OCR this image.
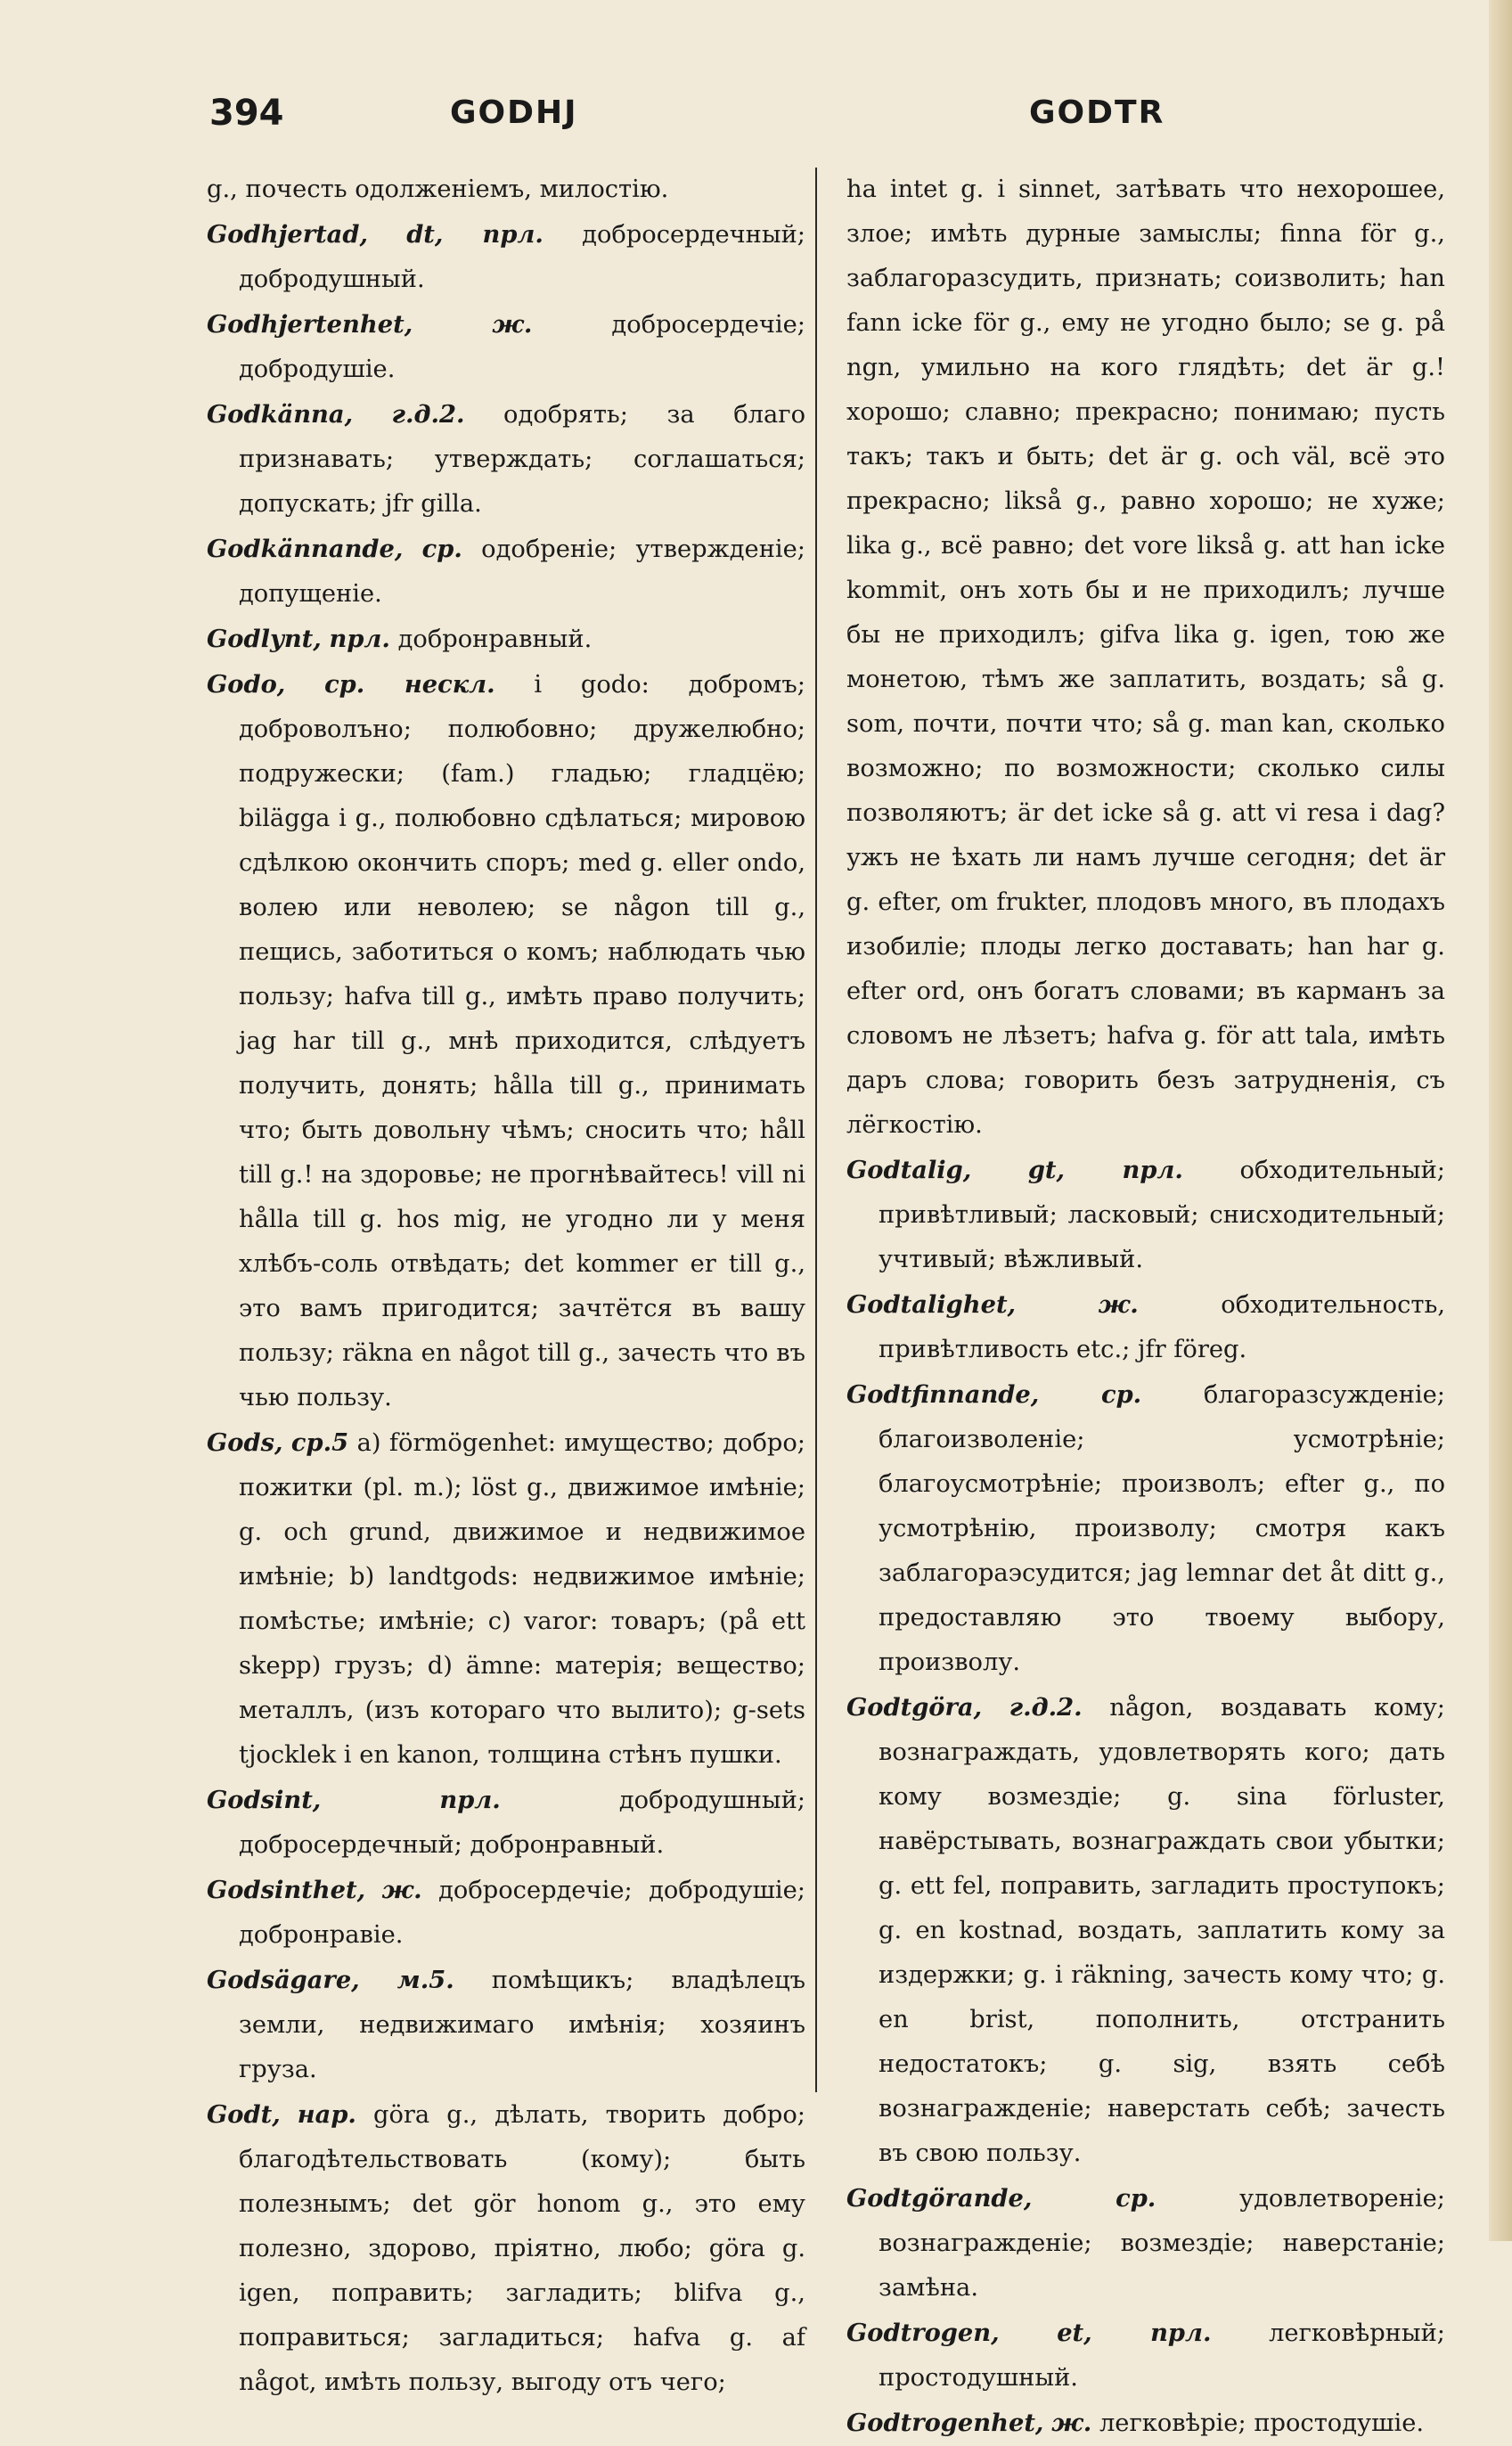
394	GODHJ	GODTR

g., почесть одолженіемъ, милостію.

Godhjertad, dt, прл. добросердечный; добродушный.

Godhjertenhet,	ж.	добросердечіе; добродушіе.

Godkänna, г.д.2. одобрять; за благо признавать; утверждать; соглашаться; допускать; jfr gilla.

Godkännande, ср. одобреніе; утвержденіе; допущеніе.

Godlynt, прл. добронравный.

Godo, ср. нескл. i godo: добромъ; доброволъно; полюбовно; дружелюбно; подружески; (fam.) гладью; гладцёю; bilägga i g., полюбовно сдѣлаться; мировою сдѣлкою окончить споръ; med g. eller ondo, волею или неволею; se någon till g., пещись, заботиться о комъ; наблюдать чью пользу; hafva till g., имѣть право получить; jag har till g., мнѣ приходится, слѣдуетъ получить, донять; hålla till g., принимать что; быть довольну чѣмъ; сносить что; håll till g.! на здоровье; не прогнѣвайтесь! vill ni hålla till g. hos mig, не угодно ли у меня хлѣбъ-соль отвѣдать; det kommer er till g., это вамъ пригодится; зачтётся въ вашу пользу; räkna en något till g., зачесть что въ чью пользу.

Gods, ср.5 a) förmögenhet: имущество; добро; пожитки (pl. m.); löst g., движимое имѣніе; g. och grund, движимое и недвижимое имѣніе; b) landtgods: недвижимое имѣніе; помѣстье; имѣніе; c) varor: товаръ; (på ett skepp) грузъ; d) ämne: матерія; вещество; металлъ, (изъ котораго что вылито); g-sets tjocklek i en kanon, толщина стѣнъ пушки.

Godsint,	прл.	добродушный; добросердечный; добронравный.

Godsinthet, ж. добросердечіе; добродушіе; добронравіе.

Godsägare, м.5. помѣщикъ; владѣлецъ земли, недвижимаго имѣнія; хозяинъ груза.

Godt, нар. göra g., дѣлать, творить добро; благодѣтельствовать (кому); быть полезнымъ; det gör honom g., это ему полезно, здорово, пріятно, любо; göra g. igen, поправить; загладить; blifva g., поправиться; загладиться; hafva g. af något, имѣть пользу, выгоду отъ чего;

ha intet g. i sinnet, затѣвать что нехорошее, злое; имѣть дурные замыслы; finna för g., заблагоразсудить, признать; соизволить; han fann icke för g., ему не угодно было; se g. på ngn, умильно на кого глядѣть; det är g.! хорошо; славно; прекрасно; понимаю; пусть такъ; такъ и быть; det är g. och väl, всё это прекрасно; likså g., равно хорошо; не хуже; lika g., всё равно; det vore likså g. att han icke kommit, онъ хоть бы и не приходилъ; лучше бы не приходилъ; gifva lika g. igen, тою же монетою, тѣмъ же заплатить, воздать; så g. som, почти, почти что; så g. man kan, сколько возможно; по возможности; сколько силы позволяютъ; är det icke så g. att vi resa i dag? ужъ не ѣхать ли намъ лучше сегодня; det är g. efter, om frukter, плодовъ много, въ плодахъ изобиліе; плоды легко доставать; han har g. efter ord, онъ богатъ словами; въ карманъ за словомъ не лѣзетъ; hafva g. för att tala, имѣть даръ слова; говорить безъ затрудненія, съ лёгкостію.

Godtalig, gt, прл. обходительный; привѣтливый; ласковый; снисходительный; учтивый; вѣжливый.

Godtalighet,	ж.	обходительность, привѣтливость etc.; jfr föreg.

Godtfinnande,	ср.	благоразсужденіе; благоизволеніе; усмотрѣніе; благоусмотрѣніе; произволъ; efter g., по усмотрѣнію, произволу; смотря какъ заблагораэсудится; jag lemnar det åt ditt g., предоставляю это твоему выбору, произволу.

Godtgöra, г.д.2. någon, воздавать кому; вознаграждать, удовлетворять кого; дать кому возмездіе; g. sina förluster, навёрстывать, вознаграждать свои убытки; g. ett fel, поправить, загладить проступокъ; g. en kostnad, воздать, заплатить кому за издержки; g. i räkning, зачесть кому что; g. en brist, пополнить, отстранить недостатокъ; g. sig, взять себѣ вознагражденіе; наверстать себѣ; зачесть въ свою пользу.

Godtgörande,	ср.	удовлетвореніе; вознагражденіе; возмездіе; наверстаніе; замѣна.

Godtrogen, et, прл. легковѣрный; простодушный.

Godtrogenhet, ж. легковѣріе; простодушіе.
